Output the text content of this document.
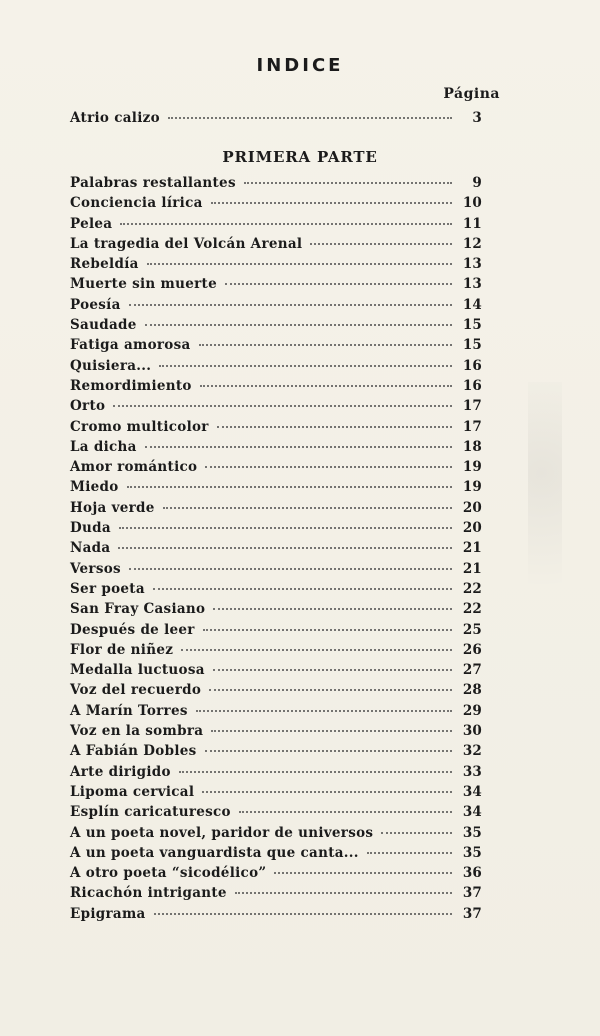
INDICE
Página
Atrio calizo	3
PRIMERA PARTE
Palabras restallantes	9
Conciencia lírica	10
Pelea	11
La tragedia del Volcán Arenal	12
Rebeldía	13
Muerte sin muerte	13
Poesía	14
Saudade	15
Fatiga amorosa	15
Quisiera...	16
Remordimiento	16
Orto	17
Cromo multicolor	17
La dicha	18
Amor romántico	19
Miedo	19
Hoja verde	20
Duda	20
Nada	21
Versos	21
Ser poeta	22
San Fray Casiano	22
Después de leer	25
Flor de niñez	26
Medalla luctuosa	27
Voz del recuerdo	28
A Marín Torres	29
Voz en la sombra	30
A Fabián Dobles	32
Arte dirigido	33
Lipoma cervical	34
Esplín caricaturesco	34
A un poeta novel, paridor de universos	35
A un poeta vanguardista que canta...	35
A otro poeta “sicodélico”	36
Ricachón intrigante	37
Epigrama	37
